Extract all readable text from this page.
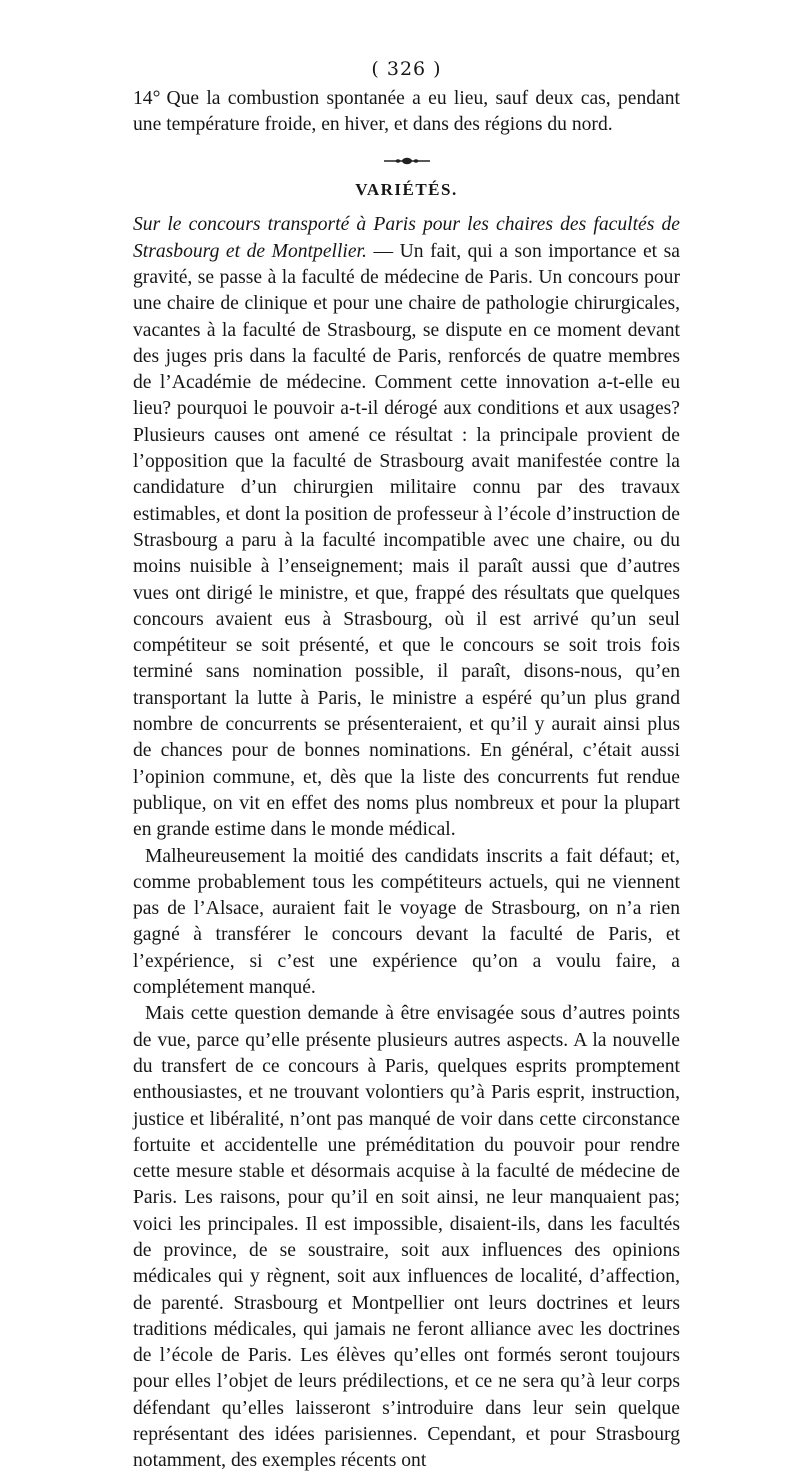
( 326 )

14° Que la combustion spontanée a eu lieu, sauf deux cas, pendant une température froide, en hiver, et dans des régions du nord.

VARIÉTÉS.

Sur le concours transporté à Paris pour les chaires des facultés de Strasbourg et de Montpellier. — Un fait, qui a son importance et sa gravité, se passe à la faculté de médecine de Paris. Un concours pour une chaire de clinique et pour une chaire de pathologie chirurgicales, vacantes à la faculté de Strasbourg, se dispute en ce moment devant des juges pris dans la faculté de Paris, renforcés de quatre membres de l’Académie de médecine. Comment cette innovation a-t-elle eu lieu? pourquoi le pouvoir a-t-il dérogé aux conditions et aux usages? Plusieurs causes ont amené ce résultat : la principale provient de l’opposition que la faculté de Strasbourg avait manifestée contre la candidature d’un chirurgien militaire connu par des travaux estimables, et dont la position de professeur à l’école d’instruction de Strasbourg a paru à la faculté incompatible avec une chaire, ou du moins nuisible à l’enseignement; mais il paraît aussi que d’autres vues ont dirigé le ministre, et que, frappé des résultats que quelques concours avaient eus à Strasbourg, où il est arrivé qu’un seul compétiteur se soit présenté, et que le concours se soit trois fois terminé sans nomination possible, il paraît, disons-nous, qu’en transportant la lutte à Paris, le ministre a espéré qu’un plus grand nombre de concurrents se présenteraient, et qu’il y aurait ainsi plus de chances pour de bonnes nominations. En général, c’était aussi l’opinion commune, et, dès que la liste des concurrents fut rendue publique, on vit en effet des noms plus nombreux et pour la plupart en grande estime dans le monde médical.

Malheureusement la moitié des candidats inscrits a fait défaut; et, comme probablement tous les compétiteurs actuels, qui ne viennent pas de l’Alsace, auraient fait le voyage de Strasbourg, on n’a rien gagné à transférer le concours devant la faculté de Paris, et l’expérience, si c’est une expérience qu’on a voulu faire, a complétement manqué.

Mais cette question demande à être envisagée sous d’autres points de vue, parce qu’elle présente plusieurs autres aspects. A la nouvelle du transfert de ce concours à Paris, quelques esprits promptement enthousiastes, et ne trouvant volontiers qu’à Paris esprit, instruction, justice et libéralité, n’ont pas manqué de voir dans cette circonstance fortuite et accidentelle une préméditation du pouvoir pour rendre cette mesure stable et désormais acquise à la faculté de médecine de Paris. Les raisons, pour qu’il en soit ainsi, ne leur manquaient pas; voici les principales. Il est impossible, disaient-ils, dans les facultés de province, de se soustraire, soit aux influences des opinions médicales qui y règnent, soit aux influences de localité, d’affection, de parenté. Strasbourg et Montpellier ont leurs doctrines et leurs traditions médicales, qui jamais ne feront alliance avec les doctrines de l’école de Paris. Les élèves qu’elles ont formés seront toujours pour elles l’objet de leurs prédilections, et ce ne sera qu’à leur corps défendant qu’elles laisseront s’introduire dans leur sein quelque représentant des idées parisiennes. Cependant, et pour Strasbourg notamment, des exemples récents ont
